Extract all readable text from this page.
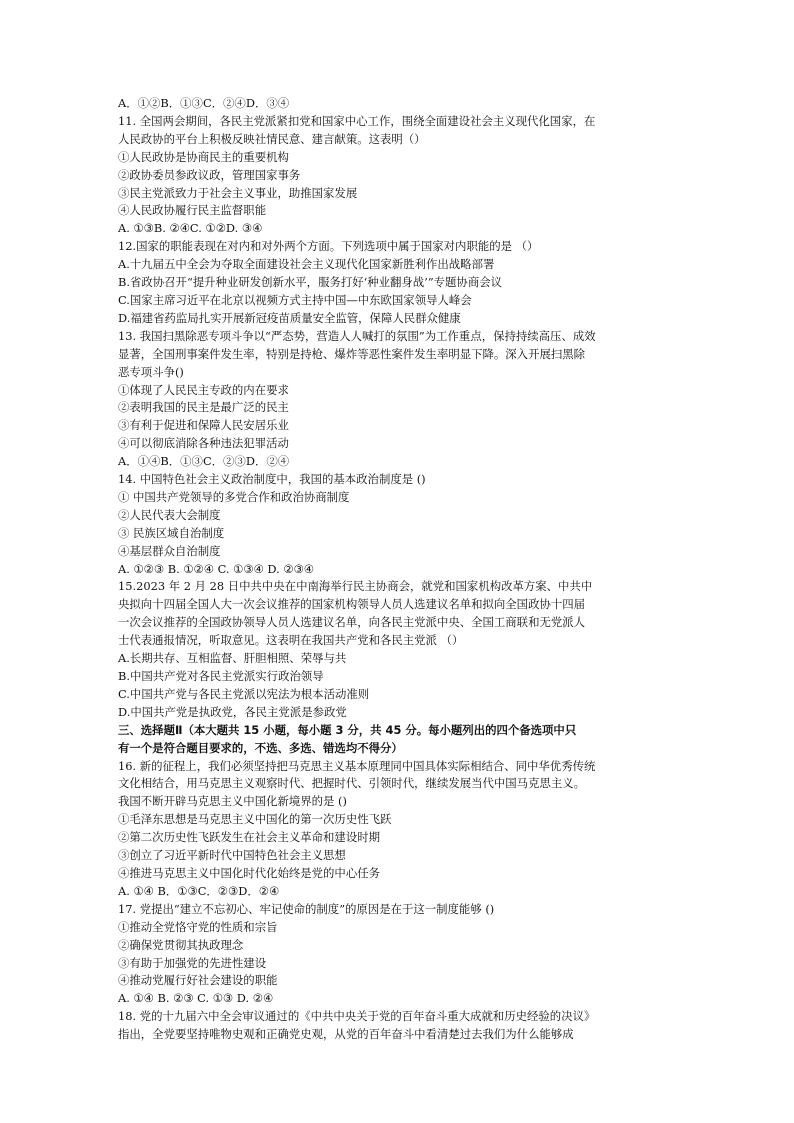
A．①②B．①③C．②④D．③④
11. 全国两会期间，各民主党派紧扣党和国家中心工作，围绕全面建设社会主义现代化国家，在
人民政协的平台上积极反映社情民意、建言献策。这表明（）
①人民政协是协商民主的重要机构
②政协委员参政议政，管理国家事务
③民主党派致力于社会主义事业，助推国家发展
④人民政协履行民主监督职能
A. ①③B. ②④C. ①②D. ③④
12.国家的职能表现在对内和对外两个方面。下列选项中属于国家对内职能的是 （）
A.十九届五中全会为夺取全面建设社会主义现代化国家新胜利作出战略部署
B.省政协召开“提升种业研发创新水平，服务打好‘种业翻身战’”专题协商会议
C.国家主席习近平在北京以视频方式主持中国—中东欧国家领导人峰会
D.福建省药监局扎实开展新冠疫苗质量安全监管，保障人民群众健康
13. 我国扫黑除恶专项斗争以“严态势，营造人人喊打的氛围”为工作重点，保持持续高压、成效
显著，全国刑事案件发生率，特别是持枪、爆炸等恶性案件发生率明显下降。深入开展扫黑除
恶专项斗争()
①体现了人民民主专政的内在要求
②表明我国的民主是最广泛的民主
③有利于促进和保障人民安居乐业
④可以彻底消除各种违法犯罪活动
A．①④B．①③C．②③D．②④
14. 中国特色社会主义政治制度中，我国的基本政治制度是 ()
① 中国共产党领导的多党合作和政治协商制度
②人民代表大会制度
③ 民族区域自治制度
④基层群众自治制度
A. ①②③ B. ①②④ C. ①③④ D. ②③④
15.2023 年 2 月 28 日中共中央在中南海举行民主协商会，就党和国家机构改革方案、中共中
央拟向十四届全国人大一次会议推荐的国家机构领导人员人选建议名单和拟向全国政协十四届
一次会议推荐的全国政协领导人员人选建议名单，向各民主党派中央、全国工商联和无党派人
士代表通报情况，听取意见。这表明在我国共产党和各民主党派 （）
A.长期共存、互相监督、肝胆相照、荣辱与共
B.中国共产党对各民主党派实行政治领导
C.中国共产党与各民主党派以宪法为根本活动准则
D.中国共产党是执政党，各民主党派是参政党
三、选择题Ⅱ（本大题共 15 小题，每小题 3 分，共 45 分。每小题列出的四个备选项中只
有一个是符合题目要求的，不选、多选、错选均不得分）
16. 新的征程上，我们必须坚持把马克思主义基本原理同中国具体实际相结合、同中华优秀传统
文化相结合，用马克思主义观察时代、把握时代、引领时代，继续发展当代中国马克思主义。
我国不断开辟马克思主义中国化新境界的是 ()
①毛泽东思想是马克思主义中国化的第一次历史性飞跃
②第二次历史性飞跃发生在社会主义革命和建设时期
③创立了习近平新时代中国特色社会主义思想
④推进马克思主义中国化时代化始终是党的中心任务
A. ①④ B．①③C．②③D．②④
17. 党提出“建立不忘初心、牢记使命的制度”的原因是在于这一制度能够 ()
①推动全党恪守党的性质和宗旨
②确保党贯彻其执政理念
③有助于加强党的先进性建设
④推动党履行好社会建设的职能
A. ①④ B. ②③ C. ①③ D. ②④
18. 党的十九届六中全会审议通过的《中共中央关于党的百年奋斗重大成就和历史经验的决议》
指出，全党要坚持唯物史观和正确党史观，从党的百年奋斗中看清楚过去我们为什么能够成
